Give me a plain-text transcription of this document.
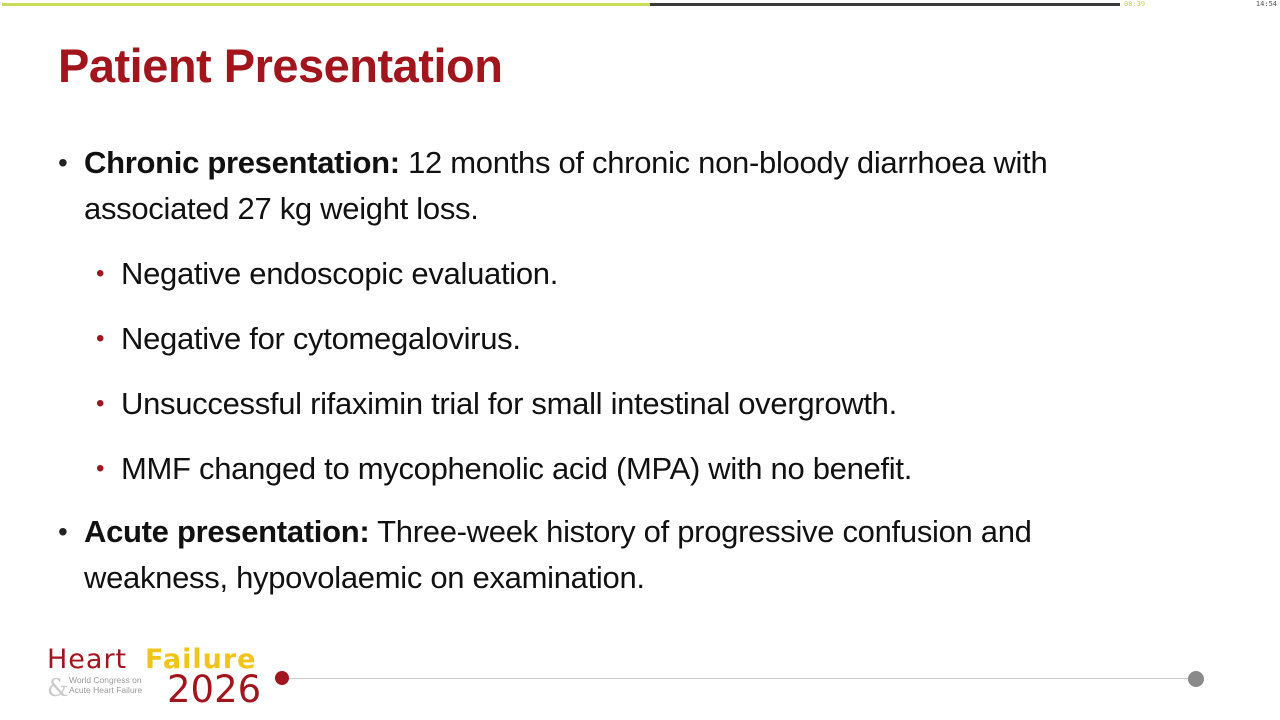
08:39	14:54
Patient Presentation
• Chronic presentation: 12 months of chronic non-bloody diarrhoea with associated 27 kg weight loss.
• Negative endoscopic evaluation.
• Negative for cytomegalovirus.
• Unsuccessful rifaximin trial for small intestinal overgrowth.
• MMF changed to mycophenolic acid (MPA) with no benefit.
• Acute presentation: Three-week history of progressive confusion and weakness, hypovolaemic on examination.
Heart Failure
& World Congress on
Acute Heart Failure 2026
